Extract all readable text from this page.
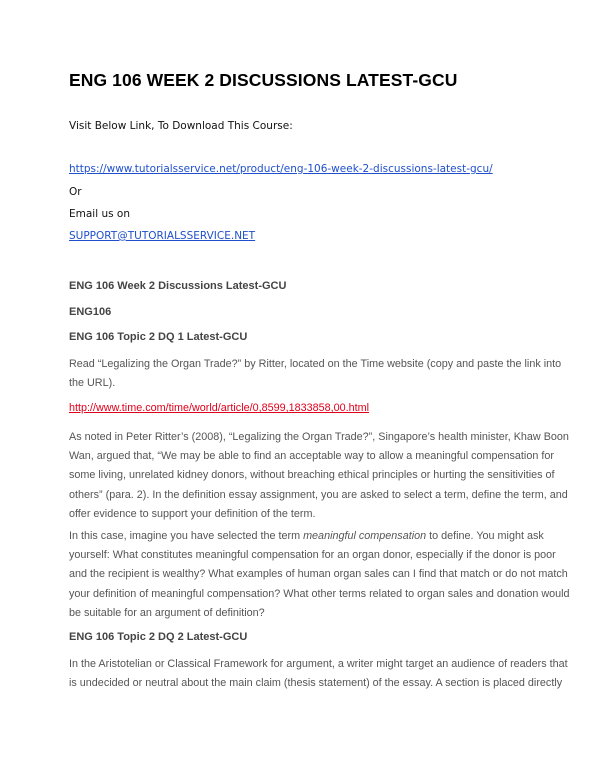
ENG 106 WEEK 2 DISCUSSIONS LATEST-GCU
Visit Below Link, To Download This Course:
https://www.tutorialsservice.net/product/eng-106-week-2-discussions-latest-gcu/
Or
Email us on
SUPPORT@TUTORIALSSERVICE.NET
ENG 106 Week 2 Discussions Latest-GCU
ENG106
ENG 106 Topic 2 DQ 1 Latest-GCU
Read “Legalizing the Organ Trade?” by Ritter, located on the Time website (copy and paste the link into
the URL).
http://www.time.com/time/world/article/0,8599,1833858,00.html
As noted in Peter Ritter’s (2008), “Legalizing the Organ Trade?”, Singapore’s health minister, Khaw Boon
Wan, argued that, “We may be able to find an acceptable way to allow a meaningful compensation for
some living, unrelated kidney donors, without breaching ethical principles or hurting the sensitivities of
others” (para. 2). In the definition essay assignment, you are asked to select a term, define the term, and
offer evidence to support your definition of the term.
In this case, imagine you have selected the term meaningful compensation to define. You might ask
yourself: What constitutes meaningful compensation for an organ donor, especially if the donor is poor
and the recipient is wealthy? What examples of human organ sales can I find that match or do not match
your definition of meaningful compensation? What other terms related to organ sales and donation would
be suitable for an argument of definition?
ENG 106 Topic 2 DQ 2 Latest-GCU
In the Aristotelian or Classical Framework for argument, a writer might target an audience of readers that
is undecided or neutral about the main claim (thesis statement) of the essay. A section is placed directly
